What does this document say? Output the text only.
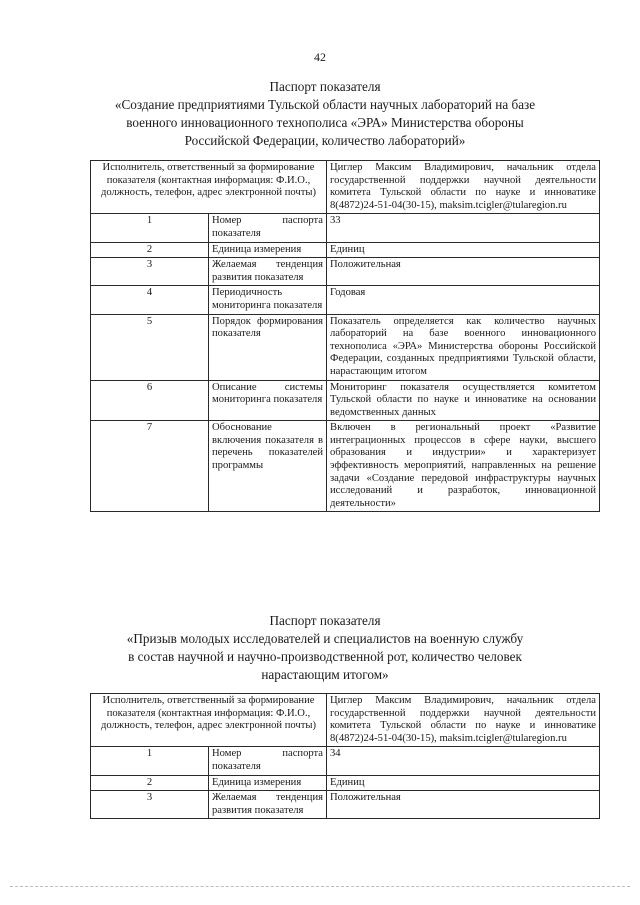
42
Паспорт показателя
«Создание предприятиями Тульской области научных лабораторий на базе
военного инновационного технополиса «ЭРА» Министерства обороны
Российской Федерации, количество лабораторий»
Исполнитель, ответственный за формирование показателя (контактная информация: Ф.И.О., должность, телефон, адрес электронной почты)		Циглер Максим Владимирович, начальник отдела государственной поддержки научной деятельности комитета Тульской области по науке и инноватике 8(4872)24-51-04(30-15), maksim.tcigler@tularegion.ru
1	Номер паспорта показателя	33
2	Единица измерения	Единиц
3	Желаемая тенденция развития показателя	Положительная
4	Периодичность мониторинга показателя	Годовая
5	Порядок формирования показателя	Показатель определяется как количество научных лабораторий на базе военного инновационного технополиса «ЭРА» Министерства обороны Российской Федерации, созданных предприятиями Тульской области, нарастающим итогом
6	Описание системы мониторинга показателя	Мониторинг показателя осуществляется комитетом Тульской области по науке и инноватике на основании ведомственных данных
7	Обоснование включения показателя в перечень показателей программы	Включен в региональный проект «Развитие интеграционных процессов в сфере науки, высшего образования и индустрии» и характеризует эффективность мероприятий, направленных на решение задачи «Создание передовой инфраструктуры научных исследований и разработок, инновационной деятельности»
Паспорт показателя
«Призыв молодых исследователей и специалистов на военную службу
в состав научной и научно-производственной рот, количество человек
нарастающим итогом»
Исполнитель, ответственный за формирование показателя (контактная информация: Ф.И.О., должность, телефон, адрес электронной почты)		Циглер Максим Владимирович, начальник отдела государственной поддержки научной деятельности комитета Тульской области по науке и инноватике 8(4872)24-51-04(30-15), maksim.tcigler@tularegion.ru
1	Номер паспорта показателя	34
2	Единица измерения	Единиц
3	Желаемая тенденция развития показателя	Положительная
